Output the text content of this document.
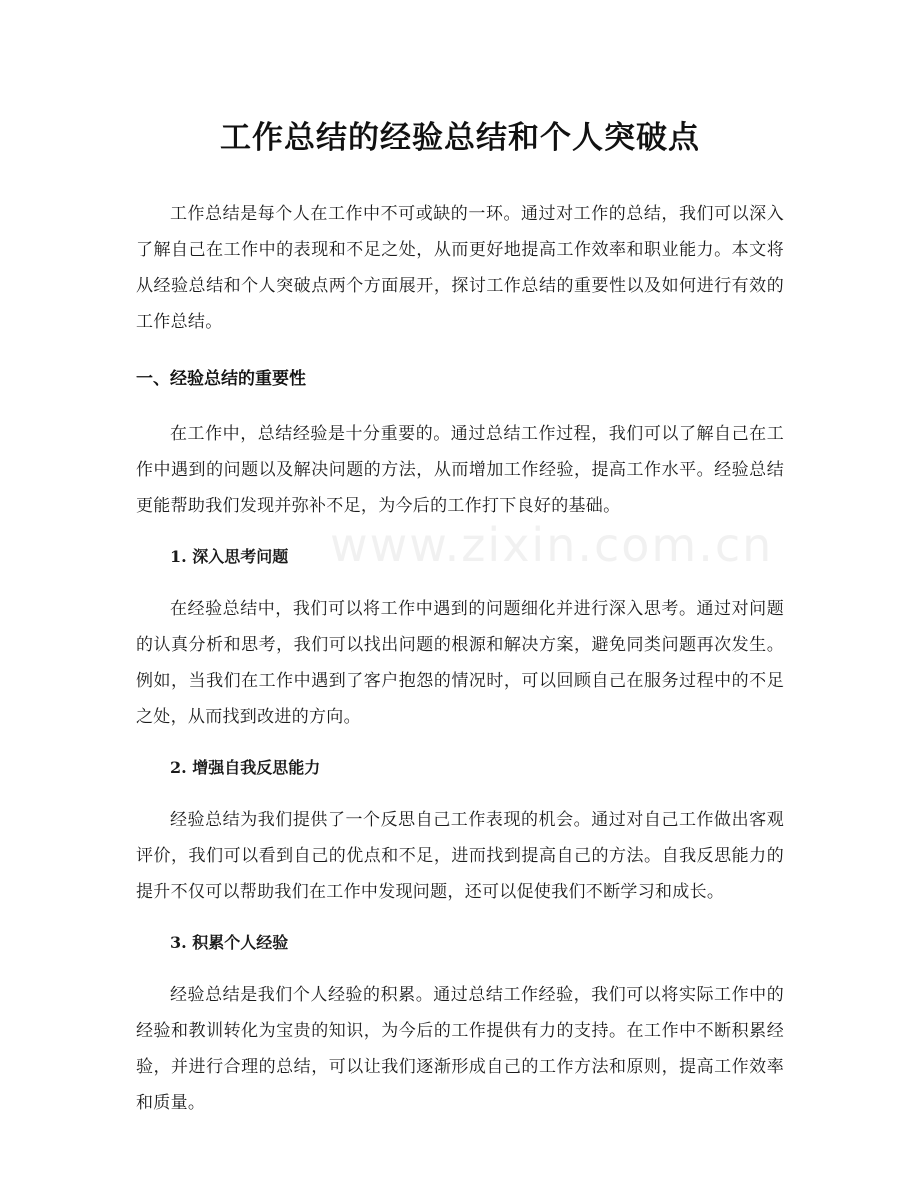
工作总结的经验总结和个人突破点

工作总结是每个人在工作中不可或缺的一环。通过对工作的总结，我们可以深入了解自己在工作中的表现和不足之处，从而更好地提高工作效率和职业能力。本文将从经验总结和个人突破点两个方面展开，探讨工作总结的重要性以及如何进行有效的工作总结。

一、经验总结的重要性

在工作中，总结经验是十分重要的。通过总结工作过程，我们可以了解自己在工作中遇到的问题以及解决问题的方法，从而增加工作经验，提高工作水平。经验总结更能帮助我们发现并弥补不足，为今后的工作打下良好的基础。

1. 深入思考问题

在经验总结中，我们可以将工作中遇到的问题细化并进行深入思考。通过对问题的认真分析和思考，我们可以找出问题的根源和解决方案，避免同类问题再次发生。例如，当我们在工作中遇到了客户抱怨的情况时，可以回顾自己在服务过程中的不足之处，从而找到改进的方向。

2. 增强自我反思能力

经验总结为我们提供了一个反思自己工作表现的机会。通过对自己工作做出客观评价，我们可以看到自己的优点和不足，进而找到提高自己的方法。自我反思能力的提升不仅可以帮助我们在工作中发现问题，还可以促使我们不断学习和成长。

3. 积累个人经验

经验总结是我们个人经验的积累。通过总结工作经验，我们可以将实际工作中的经验和教训转化为宝贵的知识，为今后的工作提供有力的支持。在工作中不断积累经验，并进行合理的总结，可以让我们逐渐形成自己的工作方法和原则，提高工作效率和质量。

www.zixin.com.cn
